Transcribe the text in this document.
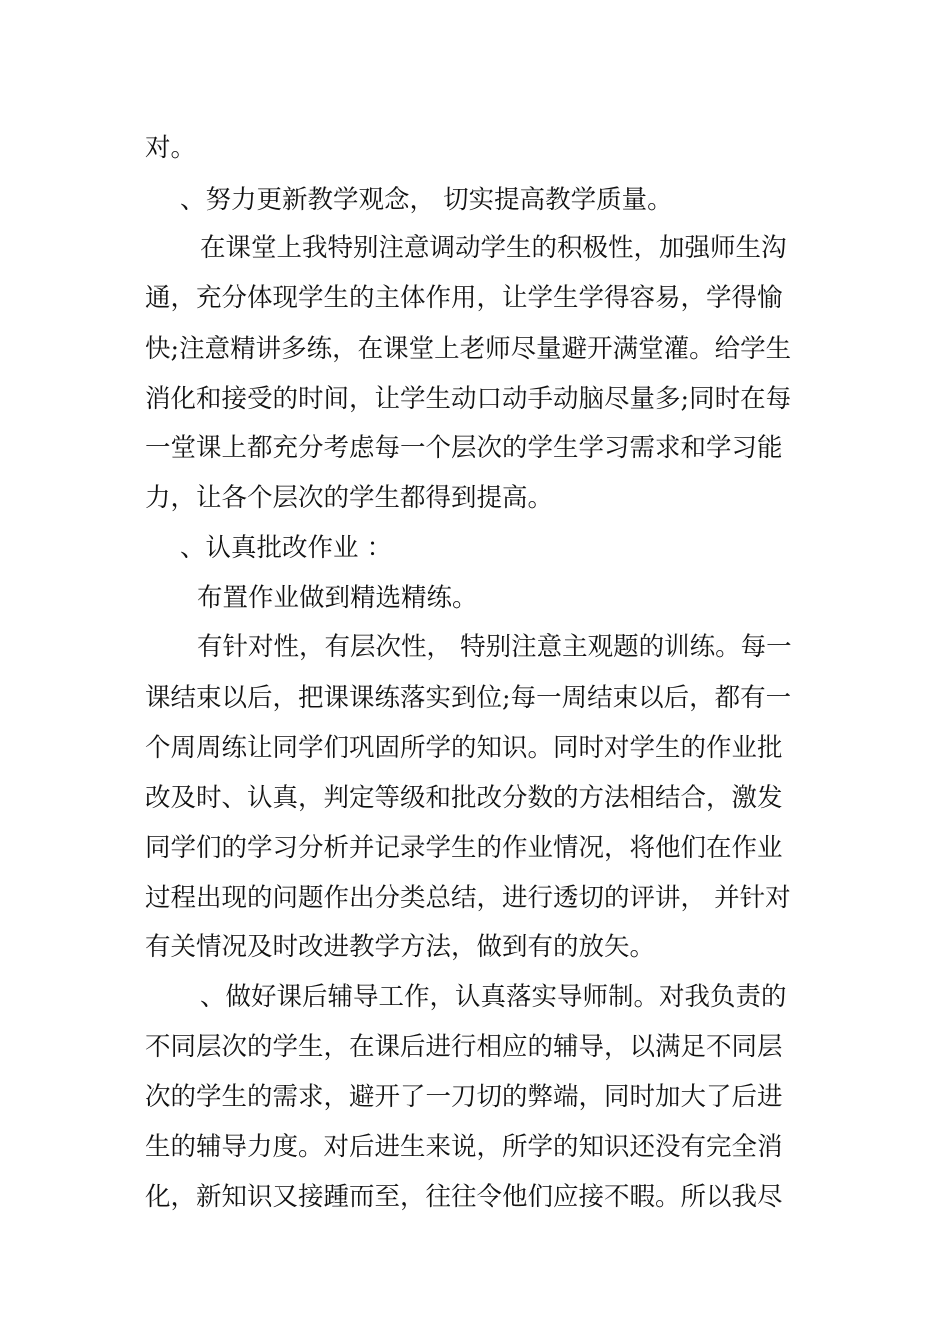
对。
、努力更新教学观念， 切实提高教学质量。
在课堂上我特别注意调动学生的积极性，加强师生沟
通，充分体现学生的主体作用，让学生学得容易，学得愉
快;注意精讲多练，在课堂上老师尽量避开满堂灌。给学生
消化和接受的时间，让学生动口动手动脑尽量多;同时在每
一堂课上都充分考虑每一个层次的学生学习需求和学习能
力，让各个层次的学生都得到提高。
、认真批改作业 ：
布置作业做到精选精练。
有针对性，有层次性， 特别注意主观题的训练。每一
课结束以后，把课课练落实到位;每一周结束以后，都有一
个周周练让同学们巩固所学的知识。同时对学生的作业批
改及时、认真，判定等级和批改分数的方法相结合，激发
同学们的学习分析并记录学生的作业情况，将他们在作业
过程出现的问题作出分类总结，进行透切的评讲， 并针对
有关情况及时改进教学方法，做到有的放矢。
、做好课后辅导工作，认真落实导师制。对我负责的
不同层次的学生，在课后进行相应的辅导，以满足不同层
次的学生的需求，避开了一刀切的弊端，同时加大了后进
生的辅导力度。对后进生来说，所学的知识还没有完全消
化，新知识又接踵而至，往往令他们应接不暇。所以我尽
